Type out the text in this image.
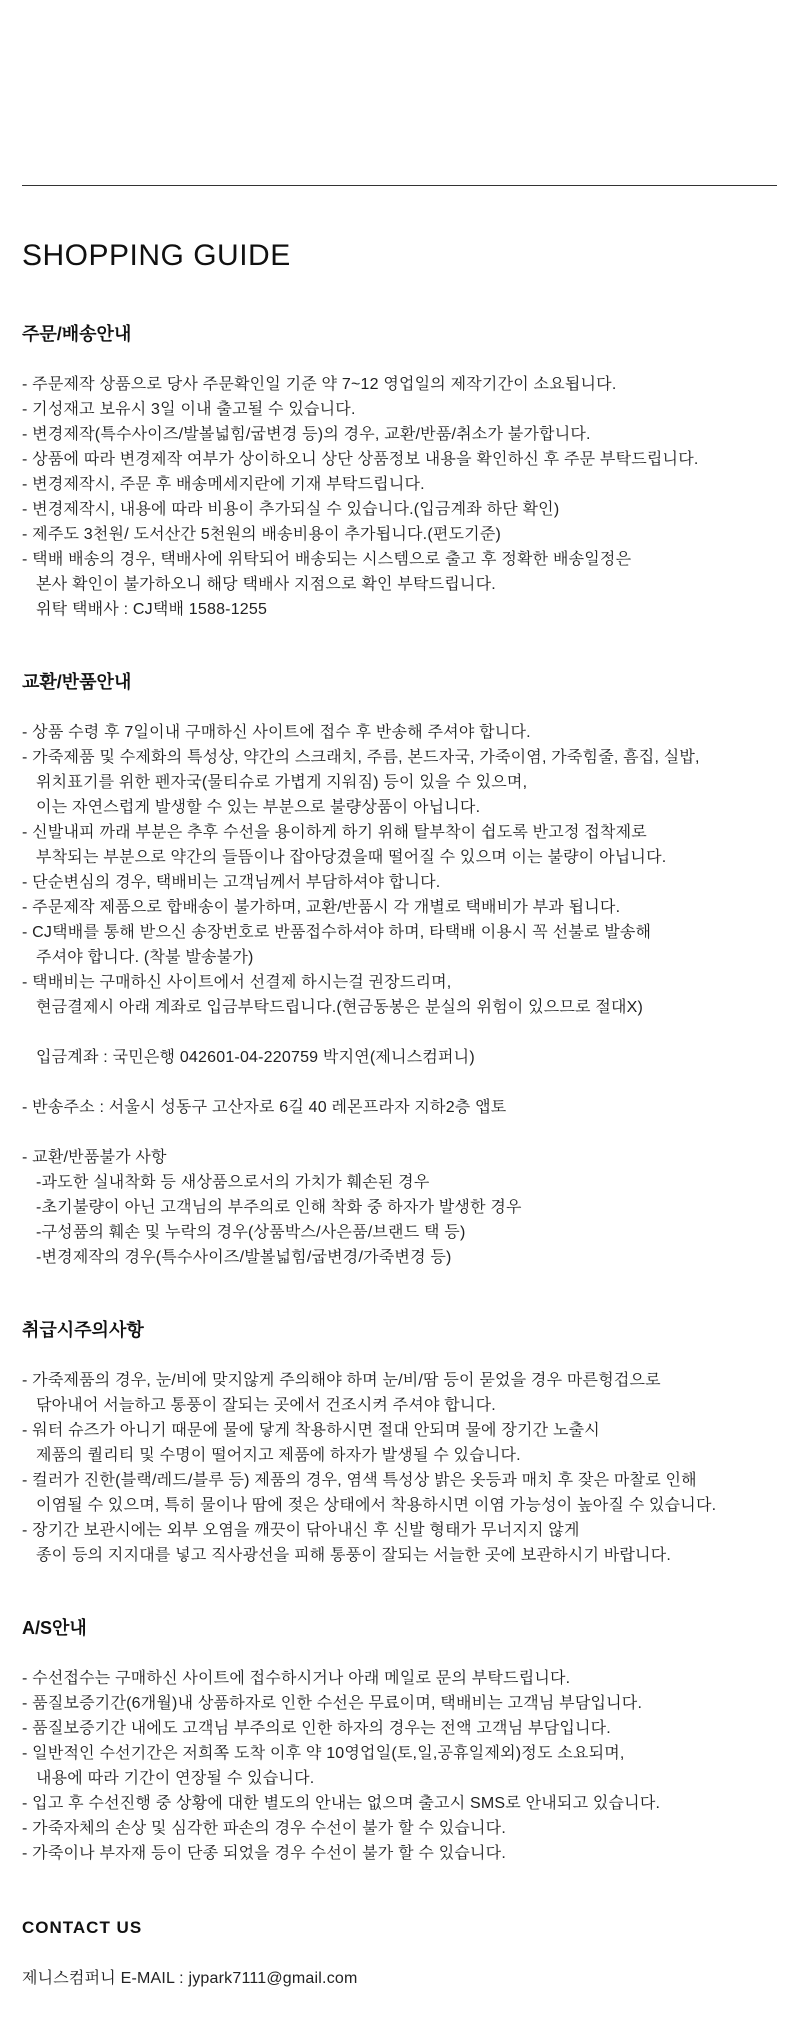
SHOPPING GUIDE
주문/배송안내
- 주문제작 상품으로 당사 주문확인일 기준 약 7~12 영업일의 제작기간이 소요됩니다.
- 기성재고 보유시 3일 이내 출고될 수 있습니다.
- 변경제작(특수사이즈/발볼넓힘/굽변경 등)의 경우, 교환/반품/취소가 불가합니다.
- 상품에 따라 변경제작 여부가 상이하오니 상단 상품정보 내용을 확인하신 후 주문 부탁드립니다.
- 변경제작시, 주문 후 배송메세지란에 기재 부탁드립니다.
- 변경제작시, 내용에 따라 비용이 추가되실 수 있습니다.(입금계좌 하단 확인)
- 제주도 3천원/ 도서산간 5천원의 배송비용이 추가됩니다.(편도기준)
- 택배 배송의 경우, 택배사에 위탁되어 배송되는 시스템으로 출고 후 정확한 배송일정은
본사 확인이 불가하오니 해당 택배사 지점으로 확인 부탁드립니다.
위탁 택배사 : CJ택배 1588-1255
교환/반품안내
- 상품 수령 후 7일이내 구매하신 사이트에 접수 후 반송해 주셔야 합니다.
- 가죽제품 및 수제화의 특성상, 약간의 스크래치, 주름, 본드자국, 가죽이염, 가죽힘줄, 흠집, 실밥,
위치표기를 위한 펜자국(물티슈로 가볍게 지워짐) 등이 있을 수 있으며,
이는 자연스럽게 발생할 수 있는 부분으로 불량상품이 아닙니다.
- 신발내피 까래 부분은 추후 수선을 용이하게 하기 위해 탈부착이 쉽도록 반고정 접착제로
부착되는 부분으로 약간의 들뜸이나 잡아당겼을때 떨어질 수 있으며 이는 불량이 아닙니다.
- 단순변심의 경우, 택배비는 고객님께서 부담하셔야 합니다.
- 주문제작 제품으로 합배송이 불가하며, 교환/반품시 각 개별로 택배비가 부과 됩니다.
- CJ택배를 통해 받으신 송장번호로 반품접수하셔야 하며, 타택배 이용시 꼭 선불로 발송해
주셔야 합니다. (착불 발송불가)
- 택배비는 구매하신 사이트에서 선결제 하시는걸 권장드리며,
현금결제시 아래 계좌로 입금부탁드립니다.(현금동봉은 분실의 위험이 있으므로 절대X)
입금계좌 : 국민은행 042601-04-220759 박지연(제니스컴퍼니)
- 반송주소 : 서울시 성동구 고산자로 6길 40 레몬프라자 지하2층 앱토
- 교환/반품불가 사항
-과도한 실내착화 등 새상품으로서의 가치가 훼손된 경우
-초기불량이 아닌 고객님의 부주의로 인해 착화 중 하자가 발생한 경우
-구성품의 훼손 및 누락의 경우(상품박스/사은품/브랜드 택 등)
-변경제작의 경우(특수사이즈/발볼넓힘/굽변경/가죽변경 등)
취급시주의사항
- 가죽제품의 경우, 눈/비에 맞지않게 주의해야 하며 눈/비/땀 등이 묻었을 경우 마른헝겁으로
닦아내어 서늘하고 통풍이 잘되는 곳에서 건조시켜 주셔야 합니다.
- 워터 슈즈가 아니기 때문에 물에 닿게 착용하시면 절대 안되며 물에 장기간 노출시
제품의 퀄리티 및 수명이 떨어지고 제품에 하자가 발생될 수 있습니다.
- 컬러가 진한(블랙/레드/블루 등) 제품의 경우, 염색 특성상 밝은 옷등과 매치 후 잦은 마찰로 인해
이염될 수 있으며, 특히 물이나 땀에 젖은 상태에서 착용하시면 이염 가능성이 높아질 수 있습니다.
- 장기간 보관시에는 외부 오염을 깨끗이 닦아내신 후 신발 형태가 무너지지 않게
종이 등의 지지대를 넣고 직사광선을 피해 통풍이 잘되는 서늘한 곳에 보관하시기 바랍니다.
A/S안내
- 수선접수는 구매하신 사이트에 접수하시거나 아래 메일로 문의 부탁드립니다.
- 품질보증기간(6개월)내 상품하자로 인한 수선은 무료이며, 택배비는 고객님 부담입니다.
- 품질보증기간 내에도 고객님 부주의로 인한 하자의 경우는 전액 고객님 부담입니다.
- 일반적인 수선기간은 저희쪽 도착 이후 약 10영업일(토,일,공휴일제외)정도 소요되며,
내용에 따라 기간이 연장될 수 있습니다.
- 입고 후 수선진행 중 상황에 대한 별도의 안내는 없으며 출고시 SMS로 안내되고 있습니다.
- 가죽자체의 손상 및 심각한 파손의 경우 수선이 불가 할 수 있습니다.
- 가죽이나 부자재 등이 단종 되었을 경우 수선이 불가 할 수 있습니다.
CONTACT US

제니스컴퍼니 E-MAIL : jypark7111@gmail.com
